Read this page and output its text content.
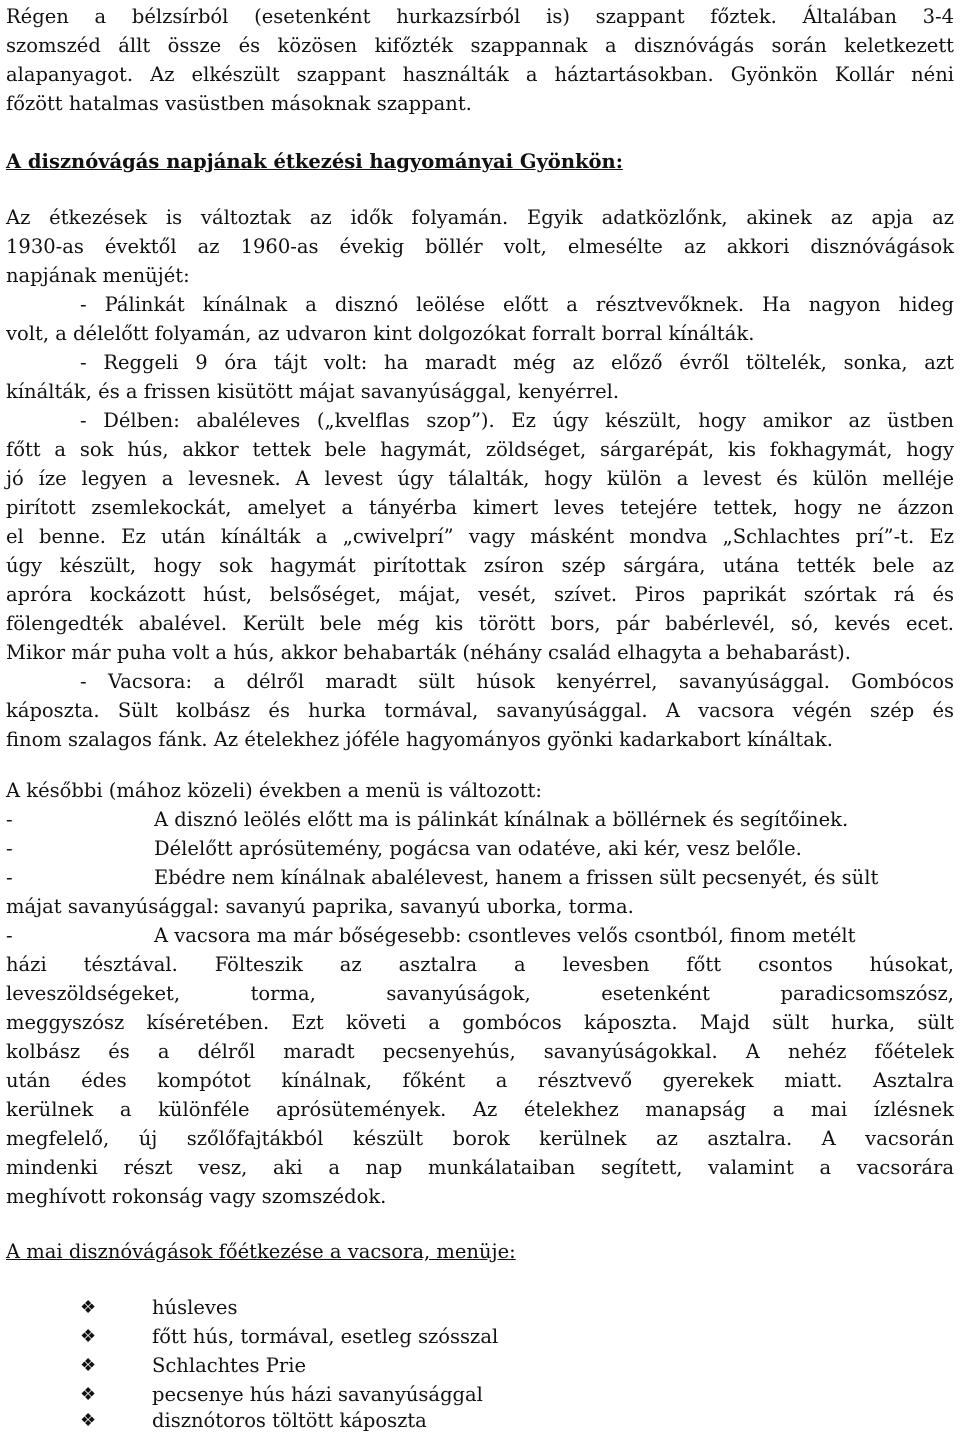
Régen a bélzsírból (esetenként hurkazsírból is) szappant főztek. Általában 3-4
szomszéd állt össze és közösen kifőzték szappannak a disznóvágás során keletkezett
alapanyagot. Az elkészült szappant használták a háztartásokban. Gyönkön Kollár néni
főzött hatalmas vasüstben másoknak szappant.
A disznóvágás napjának étkezési hagyományai Gyönkön:
Az étkezések is változtak az idők folyamán. Egyik adatközlőnk, akinek az apja az
1930-as évektől az 1960-as évekig böllér volt, elmesélte az akkori disznóvágások
napjának menüjét:
- Pálinkát kínálnak a disznó leölése előtt a résztvevőknek. Ha nagyon hideg
volt, a délelőtt folyamán, az udvaron kint dolgozókat forralt borral kínálták.
- Reggeli 9 óra tájt volt: ha maradt még az előző évről töltelék, sonka, azt
kínálták, és a frissen kisütött májat savanyúsággal, kenyérrel.
- Délben: abaléleves („kvelflas szop”). Ez úgy készült, hogy amikor az üstben
főtt a sok hús, akkor tettek bele hagymát, zöldséget, sárgarépát, kis fokhagymát, hogy
jó íze legyen a levesnek. A levest úgy tálalták, hogy külön a levest és külön melléje
pirított zsemlekockát, amelyet a tányérba kimert leves tetejére tettek, hogy ne ázzon
el benne. Ez után kínálták a „cwivelprí” vagy másként mondva „Schlachtes prí”-t. Ez
úgy készült, hogy sok hagymát pirítottak zsíron szép sárgára, utána tették bele az
apróra kockázott húst, belsőséget, májat, vesét, szívet. Piros paprikát szórtak rá és
fölengedték abalével. Került bele még kis törött bors, pár babérlevél, só, kevés ecet.
Mikor már puha volt a hús, akkor behabarták (néhány család elhagyta a behabarást).
- Vacsora: a délről maradt sült húsok kenyérrel, savanyúsággal. Gombócos
káposzta. Sült kolbász és hurka tormával, savanyúsággal. A vacsora végén szép és
finom szalagos fánk. Az ételekhez jóféle hagyományos gyönki kadarkabort kínáltak.
A későbbi (mához közeli) években a menü is változott:
-	A disznó leölés előtt ma is pálinkát kínálnak a böllérnek és segítőinek.
-	Délelőtt aprósütemény, pogácsa van odatéve, aki kér, vesz belőle.
-	Ebédre nem kínálnak abalélevest, hanem a frissen sült pecsenyét, és sült
májat savanyúsággal: savanyú paprika, savanyú uborka, torma.
-	A vacsora ma már bőségesebb: csontleves velős csontból, finom metélt
házi tésztával. Fölteszik az asztalra a levesben főtt csontos húsokat,
leveszöldségeket, torma, savanyúságok, esetenként paradicsomszósz,
meggyszósz kíséretében. Ezt követi a gombócos káposzta. Majd sült hurka, sült
kolbász és a délről maradt pecsenyehús, savanyúságokkal. A nehéz főételek
után édes kompótot kínálnak, főként a résztvevő gyerekek miatt. Asztalra
kerülnek a különféle aprósütemények. Az ételekhez manapság a mai ízlésnek
megfelelő, új szőlőfajtákból készült borok kerülnek az asztalra. A vacsorán
mindenki részt vesz, aki a nap munkálataiban segített, valamint a vacsorára
meghívott rokonság vagy szomszédok.
A mai disznóvágások főétkezése a vacsora, menüje:
❖	húsleves
❖	főtt hús, tormával, esetleg szósszal
❖	Schlachtes Prie
❖	pecsenye hús házi savanyúsággal
❖	disznótoros töltött káposzta
